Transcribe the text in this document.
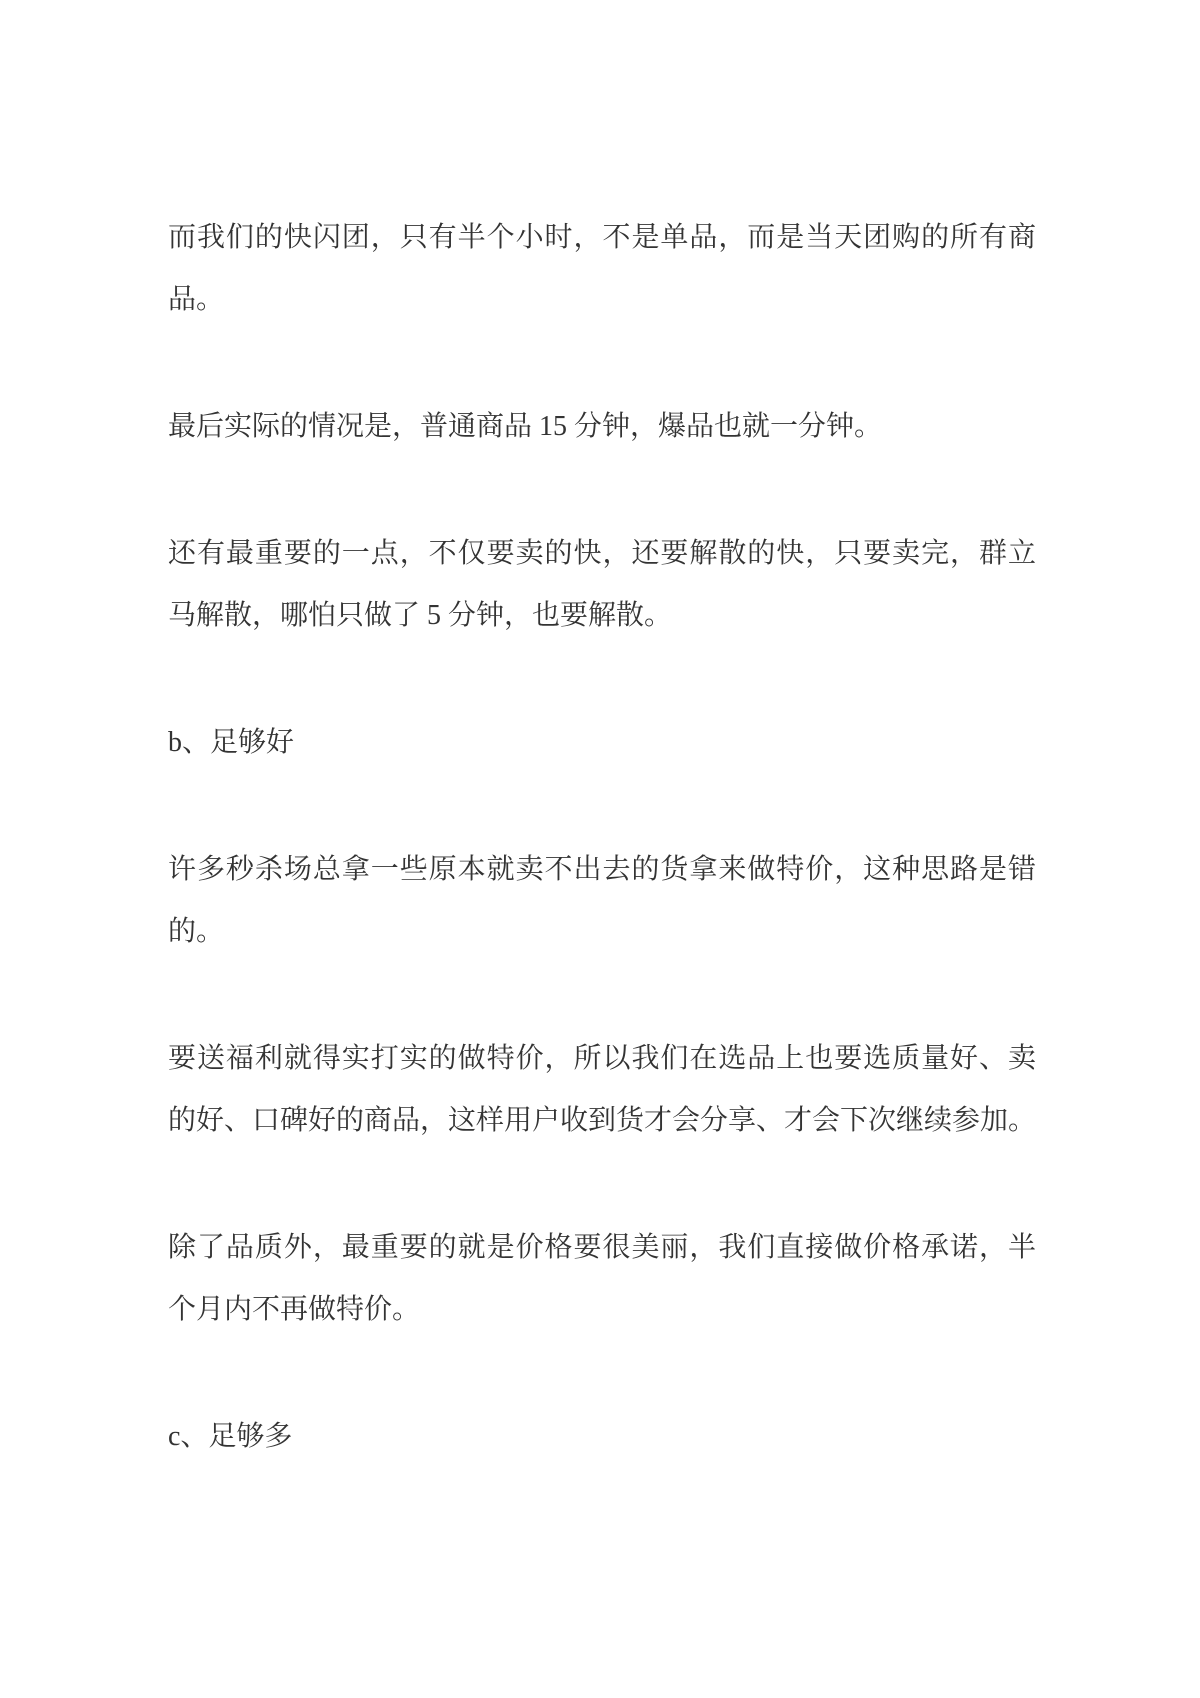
而我们的快闪团，只有半个小时，不是单品，而是当天团购的所有商
品。
最后实际的情况是，普通商品 15 分钟，爆品也就一分钟。
还有最重要的一点，不仅要卖的快，还要解散的快，只要卖完，群立
马解散，哪怕只做了 5 分钟，也要解散。
b、足够好
许多秒杀场总拿一些原本就卖不出去的货拿来做特价，这种思路是错
的。
要送福利就得实打实的做特价，所以我们在选品上也要选质量好、卖
的好、口碑好的商品，这样用户收到货才会分享、才会下次继续参加。
除了品质外，最重要的就是价格要很美丽，我们直接做价格承诺，半
个月内不再做特价。
c、足够多
